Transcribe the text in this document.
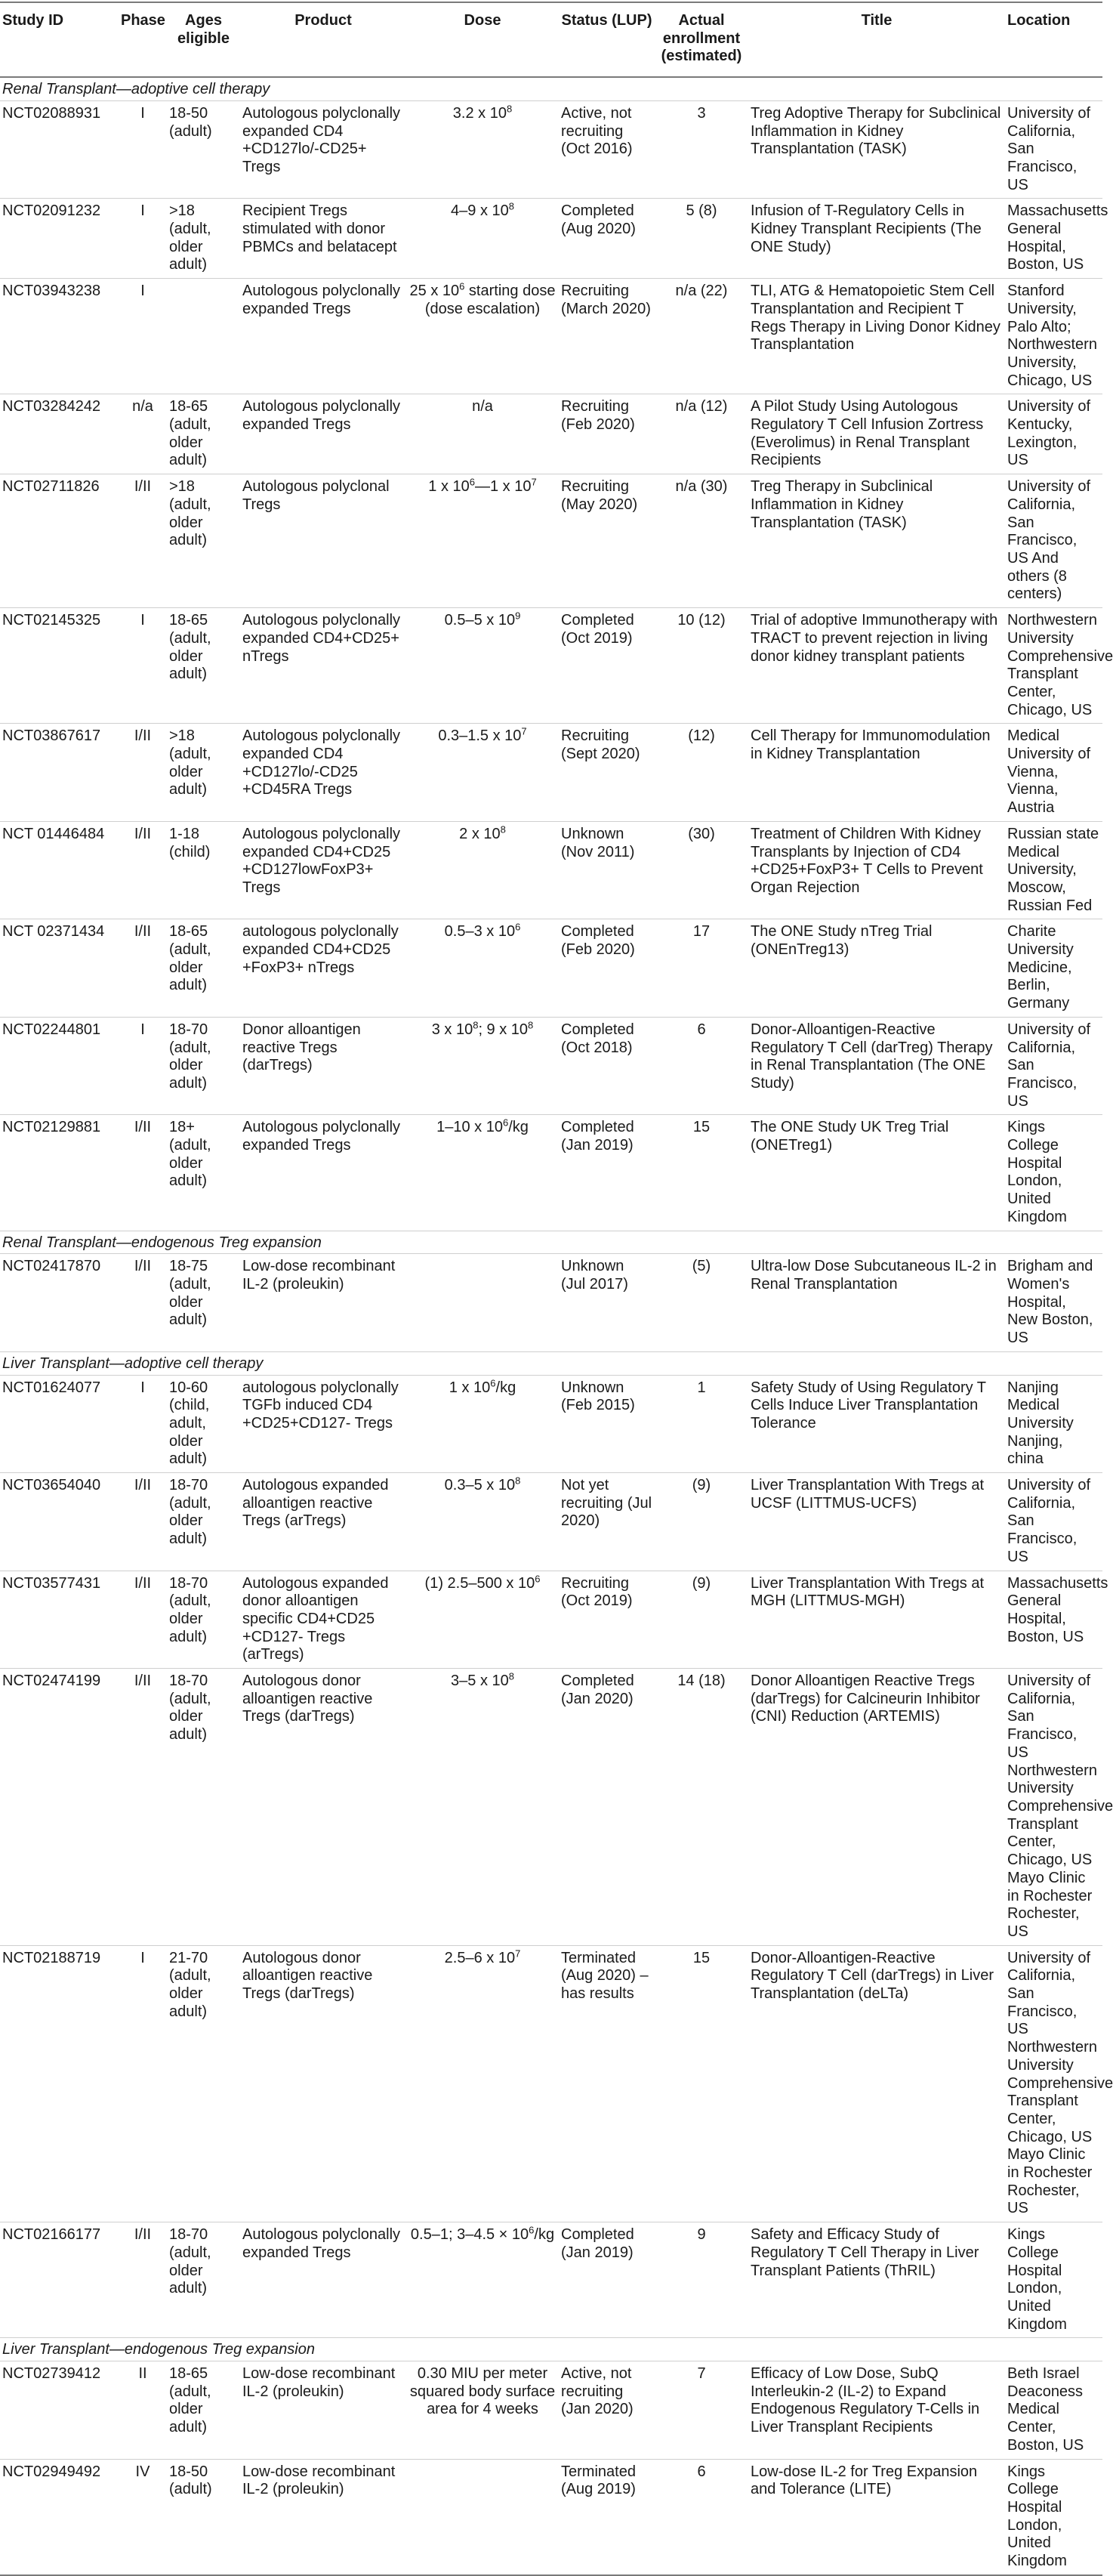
Study ID	Phase	Ages eligible	Product	Dose	Status (LUP)	Actual enrollment (estimated)	Title	Location
Renal Transplant—adoptive cell therapy								
NCT02088931	I	18-50 (adult)	Autologous polyclonally expanded CD4 +CD127lo/-CD25+ Tregs	3.2 x $10^8$	Active, not recruiting (Oct 2016)	3	Treg Adoptive Therapy for Subclinical Inflammation in Kidney Transplantation (TASK)	University of California, San Francisco, US
NCT02091232	I	>18 (adult, older adult)	Recipient Tregs stimulated with donor PBMCs and belatacept	4–9 x $10^8$	Completed (Aug 2020)	5 (8)	Infusion of T-Regulatory Cells in Kidney Transplant Recipients (The ONE Study)	Massachusetts General Hospital, Boston, US
NCT03943238	I		Autologous polyclonally expanded Tregs	25 x $10^6$ starting dose (dose escalation)	Recruiting (March 2020)	n/a (22)	TLI, ATG & Hematopoietic Stem Cell Transplantation and Recipient T Regs Therapy in Living Donor Kidney Transplantation	Stanford University, Palo Alto; Northwestern University, Chicago, US
NCT03284242	n/a	18-65 (adult, older adult)	Autologous polyclonally expanded Tregs	n/a	Recruiting (Feb 2020)	n/a (12)	A Pilot Study Using Autologous Regulatory T Cell Infusion Zortress (Everolimus) in Renal Transplant Recipients	University of Kentucky, Lexington, US
NCT02711826	I/II	>18 (adult, older adult)	Autologous polyclonal Tregs	1 x $10^6—1$ x $10^7$	Recruiting (May 2020)	n/a (30)	Treg Therapy in Subclinical Inflammation in Kidney Transplantation (TASK)	University of California, San Francisco, US And others (8 centers)
NCT02145325	I	18-65 (adult, older adult)	Autologous polyclonally expanded CD4+CD25+ nTregs	0.5–5 x $10^9$	Completed (Oct 2019)	10 (12)	Trial of adoptive Immunotherapy with TRACT to prevent rejection in living donor kidney transplant patients	Northwestern University Comprehensive Transplant Center, Chicago, US
NCT03867617	I/II	>18 (adult, older adult)	Autologous polyclonally expanded CD4 +CD127lo/-CD25 +CD45RA Tregs	0.3–1.5 x $10^7$	Recruiting (Sept 2020)	(12)	Cell Therapy for Immunomodulation in Kidney Transplantation	Medical University of Vienna, Vienna, Austria
NCT 01446484	I/II	1-18 (child)	Autologous polyclonally expanded CD4+CD25 +CD127lowFoxP3+ Tregs	2 x $10^8$	Unknown (Nov 2011)	(30)	Treatment of Children With Kidney Transplants by Injection of CD4 +CD25+FoxP3+ T Cells to Prevent Organ Rejection	Russian state Medical University, Moscow, Russian Fed
NCT 02371434	I/II	18-65 (adult, older adult)	autologous polyclonally expanded CD4+CD25 +FoxP3+ nTregs	0.5–3 x $10^6$	Completed (Feb 2020)	17	The ONE Study nTreg Trial (ONEnTreg13)	Charite University Medicine, Berlin, Germany
NCT02244801	I	18-70 (adult, older adult)	Donor alloantigen reactive Tregs (darTregs)	3 x $10^8$; 9 x $10^8$	Completed (Oct 2018)	6	Donor-Alloantigen-Reactive Regulatory T Cell (darTreg) Therapy in Renal Transplantation (The ONE Study)	University of California, San Francisco, US
NCT02129881	I/II	18+ (adult, older adult)	Autologous polyclonally expanded Tregs	1–10 x $10^6/kg$	Completed (Jan 2019)	15	The ONE Study UK Treg Trial (ONETreg1)	Kings College Hospital London, United Kingdom
Renal Transplant—endogenous Treg expansion								
NCT02417870	I/II	18-75 (adult, older adult)	Low-dose recombinant IL-2 (proleukin)		Unknown (Jul 2017)	(5)	Ultra-low Dose Subcutaneous IL-2 in Renal Transplantation	Brigham and Women's Hospital, New Boston, US
Liver Transplant—adoptive cell therapy								
NCT01624077	I	10-60 (child, adult, older adult)	autologous polyclonally TGFb induced CD4 +CD25+CD127- Tregs	1 x $10^6/kg$	Unknown (Feb 2015)	1	Safety Study of Using Regulatory T Cells Induce Liver Transplantation Tolerance	Nanjing Medical University Nanjing, china
NCT03654040	I/II	18-70 (adult, older adult)	Autologous expanded alloantigen reactive Tregs (arTregs)	0.3–5 x $10^8$	Not yet recruiting (Jul 2020)	(9)	Liver Transplantation With Tregs at UCSF (LITTMUS-UCFS)	University of California, San Francisco, US
NCT03577431	I/II	18-70 (adult, older adult)	Autologous expanded donor alloantigen specific CD4+CD25 +CD127- Tregs (arTregs)	(1) 2.5–500 x $10^6$	Recruiting (Oct 2019)	(9)	Liver Transplantation With Tregs at MGH (LITTMUS-MGH)	Massachusetts General Hospital, Boston, US
NCT02474199	I/II	18-70 (adult, older adult)	Autologous donor alloantigen reactive Tregs (darTregs)	3–5 x $10^8$	Completed (Jan 2020)	14 (18)	Donor Alloantigen Reactive Tregs (darTregs) for Calcineurin Inhibitor (CNI) Reduction (ARTEMIS)	University of California, San Francisco, US Northwestern University Comprehensive Transplant Center, Chicago, US Mayo Clinic in Rochester Rochester, US
NCT02188719	I	21-70 (adult, older adult)	Autologous donor alloantigen reactive Tregs (darTregs)	2.5–6 x $10^7$	Terminated (Aug 2020) – has results	15	Donor-Alloantigen-Reactive Regulatory T Cell (darTregs) in Liver Transplantation (deLTa)	University of California, San Francisco, US Northwestern University Comprehensive Transplant Center, Chicago, US Mayo Clinic in Rochester Rochester, US
NCT02166177	I/II	18-70 (adult, older adult)	Autologous polyclonally expanded Tregs	0.5–1; $3-4.5 \times 10^6/kg$	Completed (Jan 2019)	9	Safety and Efficacy Study of Regulatory T Cell Therapy in Liver Transplant Patients (ThRIL)	Kings College Hospital London, United Kingdom
Liver Transplant—endogenous Treg expansion								
NCT02739412	II	18-65 (adult, older adult)	Low-dose recombinant IL-2 (proleukin)	0.30 MIU per meter squared body surface area for 4 weeks	Active, not recruiting (Jan 2020)	7	Efficacy of Low Dose, SubQ Interleukin-2 (IL-2) to Expand Endogenous Regulatory T-Cells in Liver Transplant Recipients	Beth Israel Deaconess Medical Center, Boston, US
NCT02949492	IV	18-50 (adult)	Low-dose recombinant IL-2 (proleukin)		Terminated (Aug 2019)	6	Low-dose IL-2 for Treg Expansion and Tolerance (LITE)	Kings College Hospital London, United Kingdom
